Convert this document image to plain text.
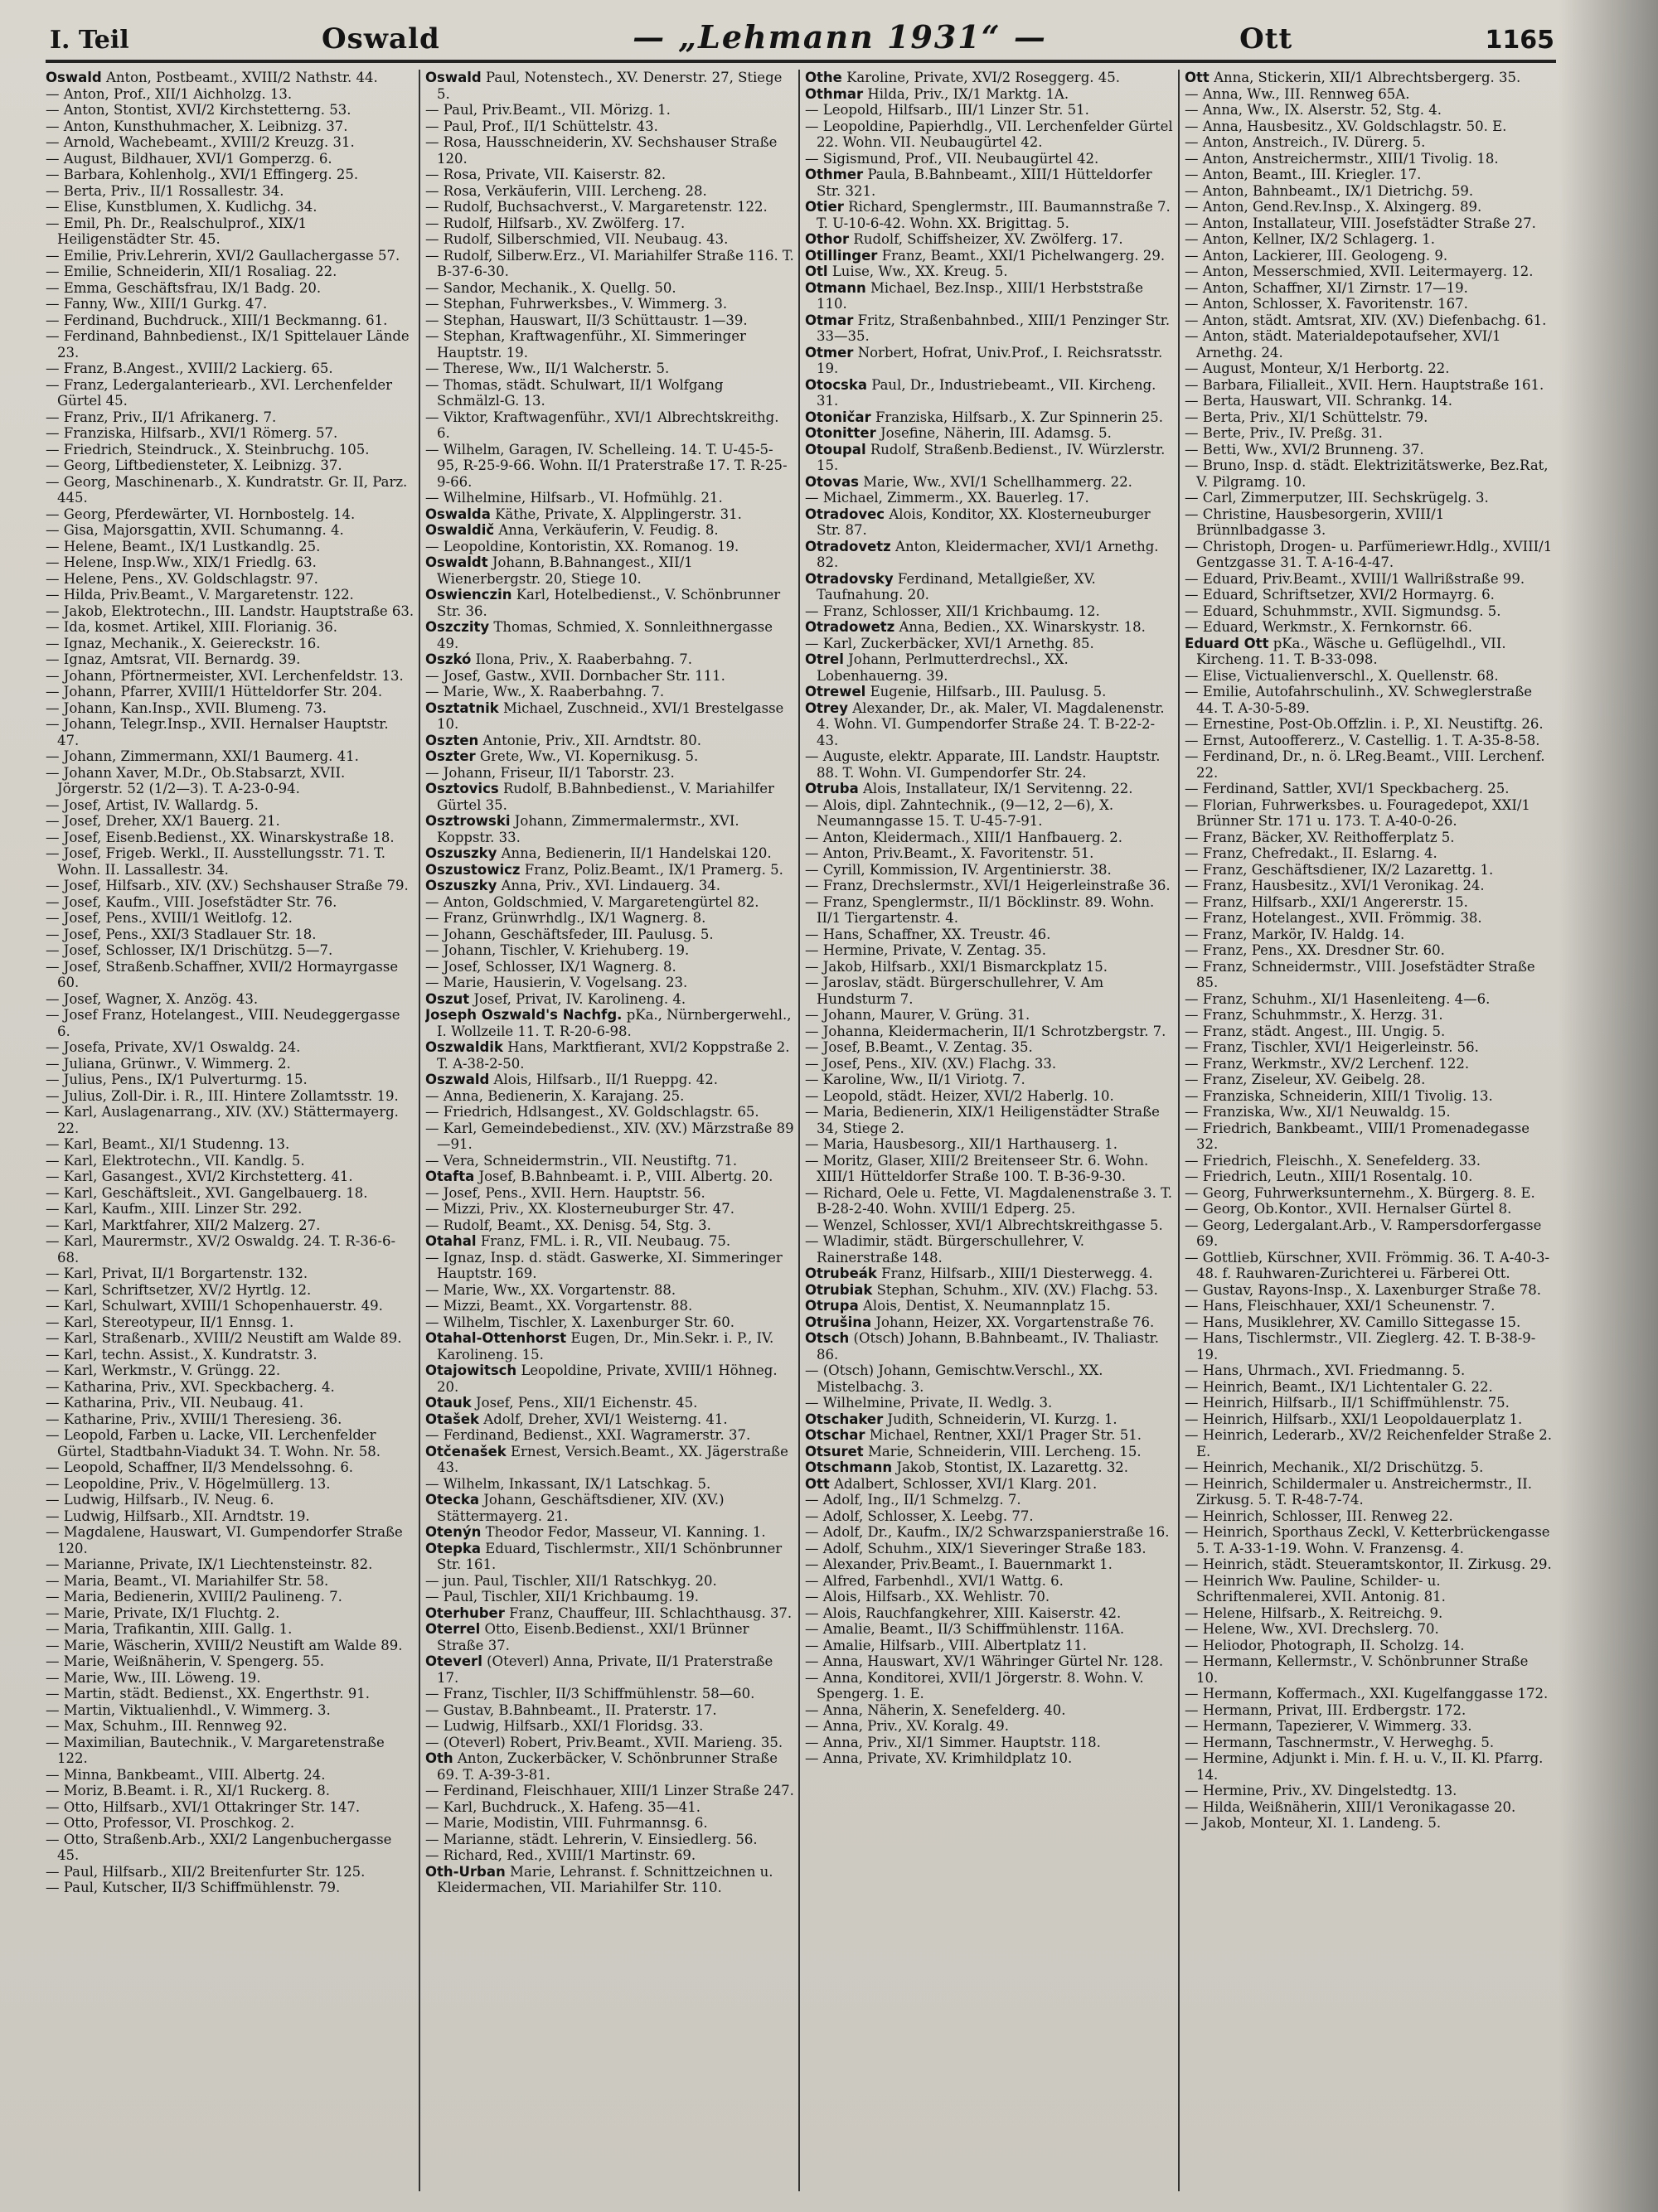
I. Teil	Oswald	— „Lehmann 1931“ —	Ott	1165

Oswald Anton, Postbeamt., XVIII/2 Nathstr. 44.

— Anton, Prof., XII/1 Aichholzg. 13.

— Anton, Stontist, XVI/2 Kirchstetterng. 53.

— Anton, Kunsthuhmacher, X. Leibnizg. 37.

— Arnold, Wachebeamt., XVIII/2 Kreuzg. 31.

— August, Bildhauer, XVI/1 Gomperzg. 6.

— Barbara, Kohlenholg., XVI/1 Effingerg. 25.

— Berta, Priv., II/1 Rossallestr. 34.

— Elise, Kunstblumen, X. Kudlichg. 34.

— Emil, Ph. Dr., Realschulprof., XIX/1 Heiligenstädter Str. 45.

— Emilie, Priv.Lehrerin, XVI/2 Gaullachergasse 57.

— Emilie, Schneiderin, XII/1 Rosaliag. 22.

— Emma, Geschäftsfrau, IX/1 Badg. 20.

— Fanny, Ww., XIII/1 Gurkg. 47.

— Ferdinand, Buchdruck., XIII/1 Beckmanng. 61.

— Ferdinand, Bahnbedienst., IX/1 Spittelauer Lände 23.

— Franz, B.Angest., XVIII/2 Lackierg. 65.

— Franz, Ledergalanteriearb., XVI. Lerchenfelder Gürtel 45.

— Franz, Priv., II/1 Afrikanerg. 7.

— Franziska, Hilfsarb., XVI/1 Römerg. 57.

— Friedrich, Steindruck., X. Steinbruchg. 105.

— Georg, Liftbediensteter, X. Leibnizg. 37.

— Georg, Maschinenarb., X. Kundratstr. Gr. II, Parz. 445.

— Georg, Pferdewärter, VI. Hornbostelg. 14.

— Gisa, Majorsgattin, XVII. Schumanng. 4.

— Helene, Beamt., IX/1 Lustkandlg. 25.

— Helene, Insp.Ww., XIX/1 Friedlg. 63.

— Helene, Pens., XV. Goldschlagstr. 97.

— Hilda, Priv.Beamt., V. Margaretenstr. 122.

— Jakob, Elektrotechn., III. Landstr. Hauptstraße 63.

— Ida, kosmet. Artikel, XIII. Florianig. 36.

— Ignaz, Mechanik., X. Geiereckstr. 16.

— Ignaz, Amtsrat, VII. Bernardg. 39.

— Johann, Pförtnermeister, XVI. Lerchenfeldstr. 13.

— Johann, Pfarrer, XVIII/1 Hütteldorfer Str. 204.

— Johann, Kan.Insp., XVII. Blumeng. 73.

— Johann, Telegr.Insp., XVII. Hernalser Hauptstr. 47.

— Johann, Zimmermann, XXI/1 Baumerg. 41.

— Johann Xaver, M.Dr., Ob.Stabsarzt, XVII. Jörgerstr. 52 (1/2—3). T. A-23-0-94.

— Josef, Artist, IV. Wallardg. 5.

— Josef, Dreher, XX/1 Bauerg. 21.

— Josef, Eisenb.Bedienst., XX. Winarskystraße 18.

— Josef, Frigeb. Werkl., II. Ausstellungsstr. 71. T. Wohn. II. Lassallestr. 34.

— Josef, Hilfsarb., XIV. (XV.) Sechshauser Straße 79.

— Josef, Kaufm., VIII. Josefstädter Str. 76.

— Josef, Pens., XVIII/1 Weitlofg. 12.

— Josef, Pens., XXI/3 Stadlauer Str. 18.

— Josef, Schlosser, IX/1 Drischützg. 5—7.

— Josef, Straßenb.Schaffner, XVII/2 Hormayrgasse 60.

— Josef, Wagner, X. Anzög. 43.

— Josef Franz, Hotelangest., VIII. Neudeggergasse 6.

— Josefa, Private, XV/1 Oswaldg. 24.

— Juliana, Grünwr., V. Wimmerg. 2.

— Julius, Pens., IX/1 Pulverturmg. 15.

— Julius, Zoll-Dir. i. R., III. Hintere Zollamtsstr. 19.

— Karl, Auslagenarrang., XIV. (XV.) Stättermayerg. 22.

— Karl, Beamt., XI/1 Studenng. 13.

— Karl, Elektrotechn., VII. Kandlg. 5.

— Karl, Gasangest., XVI/2 Kirchstetterg. 41.

— Karl, Geschäftsleit., XVI. Gangelbauerg. 18.

— Karl, Kaufm., XIII. Linzer Str. 292.

— Karl, Marktfahrer, XII/2 Malzerg. 27.

— Karl, Maurermstr., XV/2 Oswaldg. 24. T. R-36-6-68.

— Karl, Privat, II/1 Borgartenstr. 132.

— Karl, Schriftsetzer, XV/2 Hyrtlg. 12.

— Karl, Schulwart, XVIII/1 Schopenhauerstr. 49.

— Karl, Stereotypeur, II/1 Ennsg. 1.

— Karl, Straßenarb., XVIII/2 Neustift am Walde 89.

— Karl, techn. Assist., X. Kundratstr. 3.

— Karl, Werkmstr., V. Grüngg. 22.

— Katharina, Priv., XVI. Speckbacherg. 4.

— Katharina, Priv., VII. Neubaug. 41.

— Katharine, Priv., XVIII/1 Theresieng. 36.

— Leopold, Farben u. Lacke, VII. Lerchenfelder Gürtel, Stadtbahn-Viadukt 34. T. Wohn. Nr. 58.

— Leopold, Schaffner, II/3 Mendelssohng. 6.

— Leopoldine, Priv., V. Högelmüllerg. 13.

— Ludwig, Hilfsarb., IV. Neug. 6.

— Ludwig, Hilfsarb., XII. Arndtstr. 19.

— Magdalene, Hauswart, VI. Gumpendorfer Straße 120.

— Marianne, Private, IX/1 Liechtensteinstr. 82.

— Maria, Beamt., VI. Mariahilfer Str. 58.

— Maria, Bedienerin, XVIII/2 Paulineng. 7.

— Marie, Private, IX/1 Fluchtg. 2.

— Maria, Trafikantin, XIII. Gallg. 1.

— Marie, Wäscherin, XVIII/2 Neustift am Walde 89.

— Marie, Weißnäherin, V. Spengerg. 55.

— Marie, Ww., III. Löweng. 19.

— Martin, städt. Bedienst., XX. Engerthstr. 91.

— Martin, Viktualienhdl., V. Wimmerg. 3.

— Max, Schuhm., III. Rennweg 92.

— Maximilian, Bautechnik., V. Margaretenstraße 122.

— Minna, Bankbeamt., VIII. Albertg. 24.

— Moriz, B.Beamt. i. R., XI/1 Ruckerg. 8.

— Otto, Hilfsarb., XVI/1 Ottakringer Str. 147.

— Otto, Professor, VI. Proschkog. 2.

— Otto, Straßenb.Arb., XXI/2 Langenbuchergasse 45.

— Paul, Hilfsarb., XII/2 Breitenfurter Str. 125.

— Paul, Kutscher, II/3 Schiffmühlenstr. 79.

Oswald Paul, Notenstech., XV. Denerstr. 27, Stiege 5.

— Paul, Priv.Beamt., VII. Mörizg. 1.

— Paul, Prof., II/1 Schüttelstr. 43.

— Rosa, Hausschneiderin, XV. Sechshauser Straße 120.

— Rosa, Private, VII. Kaiserstr. 82.

— Rosa, Verkäuferin, VIII. Lercheng. 28.

— Rudolf, Buchsachverst., V. Margaretenstr. 122.

— Rudolf, Hilfsarb., XV. Zwölferg. 17.

— Rudolf, Silberschmied, VII. Neubaug. 43.

— Rudolf, Silberw.Erz., VI. Mariahilfer Straße 116. T. B-37-6-30.

— Sandor, Mechanik., X. Quellg. 50.

— Stephan, Fuhrwerksbes., V. Wimmerg. 3.

— Stephan, Hauswart, II/3 Schüttaustr. 1—39.

— Stephan, Kraftwagenführ., XI. Simmeringer Hauptstr. 19.

— Therese, Ww., II/1 Walcherstr. 5.

— Thomas, städt. Schulwart, II/1 Wolfgang Schmälzl-G. 13.

— Viktor, Kraftwagenführ., XVI/1 Albrechtskreithg. 6.

— Wilhelm, Garagen, IV. Schelleing. 14. T. U-45-5-95, R-25-9-66. Wohn. II/1 Praterstraße 17. T. R-25-9-66.

— Wilhelmine, Hilfsarb., VI. Hofmühlg. 21.

Oswalda Käthe, Private, X. Alpplingerstr. 31.

Oswaldič Anna, Verkäuferin, V. Feudig. 8.

— Leopoldine, Kontoristin, XX. Romanog. 19.

Oswaldt Johann, B.Bahnangest., XII/1 Wienerbergstr. 20, Stiege 10.

Oswienczin Karl, Hotelbedienst., V. Schönbrunner Str. 36.

Oszczity Thomas, Schmied, X. Sonnleithnergasse 49.

Oszkó Ilona, Priv., X. Raaberbahng. 7.

— Josef, Gastw., XVII. Dornbacher Str. 111.

— Marie, Ww., X. Raaberbahng. 7.

Osztatnik Michael, Zuschneid., XVI/1 Brestelgasse 10.

Oszten Antonie, Priv., XII. Arndtstr. 80.

Oszter Grete, Ww., VI. Kopernikusg. 5.

— Johann, Friseur, II/1 Taborstr. 23.

Osztovics Rudolf, B.Bahnbedienst., V. Mariahilfer Gürtel 35.

Osztrowski Johann, Zimmermalermstr., XVI. Koppstr. 33.

Oszuszky Anna, Bedienerin, II/1 Handelskai 120.

Oszustowicz Franz, Poliz.Beamt., IX/1 Pramerg. 5.

Oszuszky Anna, Priv., XVI. Lindauerg. 34.

— Anton, Goldschmied, V. Margaretengürtel 82.

— Franz, Grünwrhdlg., IX/1 Wagnerg. 8.

— Johann, Geschäftsfeder, III. Paulusg. 5.

— Johann, Tischler, V. Kriehuberg. 19.

— Josef, Schlosser, IX/1 Wagnerg. 8.

— Marie, Hausierin, V. Vogelsang. 23.

Oszut Josef, Privat, IV. Karolineng. 4.

Joseph Oszwald's Nachfg. pKa., Nürnbergerwehl., I. Wollzeile 11. T. R-20-6-98.

Oszwaldik Hans, Marktfierant, XVI/2 Koppstraße 2. T. A-38-2-50.

Oszwald Alois, Hilfsarb., II/1 Rueppg. 42.

— Anna, Bedienerin, X. Karajang. 25.

— Friedrich, Hdlsangest., XV. Goldschlagstr. 65.

— Karl, Gemeindebedienst., XIV. (XV.) Märzstraße 89—91.

— Vera, Schneidermstrin., VII. Neustiftg. 71.

Otafta Josef, B.Bahnbeamt. i. P., VIII. Albertg. 20.

— Josef, Pens., XVII. Hern. Hauptstr. 56.

— Mizzi, Priv., XX. Klosterneuburger Str. 47.

— Rudolf, Beamt., XX. Denisg. 54, Stg. 3.

Otahal Franz, FML. i. R., VII. Neubaug. 75.

— Ignaz, Insp. d. städt. Gaswerke, XI. Simmeringer Hauptstr. 169.

— Marie, Ww., XX. Vorgartenstr. 88.

— Mizzi, Beamt., XX. Vorgartenstr. 88.

— Wilhelm, Tischler, X. Laxenburger Str. 60.

Otahal-Ottenhorst Eugen, Dr., Min.Sekr. i. P., IV. Karolineng. 15.

Otajowitsch Leopoldine, Private, XVIII/1 Höhneg. 20.

Otauk Josef, Pens., XII/1 Eichenstr. 45.

Otašek Adolf, Dreher, XVI/1 Weisterng. 41.

— Ferdinand, Bedienst., XXI. Wagramerstr. 37.

Otčenašek Ernest, Versich.Beamt., XX. Jägerstraße 43.

— Wilhelm, Inkassant, IX/1 Latschkag. 5.

Otecka Johann, Geschäftsdiener, XIV. (XV.) Stättermayerg. 21.

Otenýn Theodor Fedor, Masseur, VI. Kanning. 1.

Otepka Eduard, Tischlermstr., XII/1 Schönbrunner Str. 161.

— jun. Paul, Tischler, XII/1 Ratschkyg. 20.

— Paul, Tischler, XII/1 Krichbaumg. 19.

Oterhuber Franz, Chauffeur, III. Schlachthausg. 37.

Oterrel Otto, Eisenb.Bedienst., XXI/1 Brünner Straße 37.

Oteverl (Oteverl) Anna, Private, II/1 Praterstraße 17.

— Franz, Tischler, II/3 Schiffmühlenstr. 58—60.

— Gustav, B.Bahnbeamt., II. Praterstr. 17.

— Ludwig, Hilfsarb., XXI/1 Floridsg. 33.

— (Oteverl) Robert, Priv.Beamt., XVII. Marieng. 35.

Oth Anton, Zuckerbäcker, V. Schönbrunner Straße 69. T. A-39-3-81.

— Ferdinand, Fleischhauer, XIII/1 Linzer Straße 247.

— Karl, Buchdruck., X. Hafeng. 35—41.

— Marie, Modistin, VIII. Fuhrmannsg. 6.

— Marianne, städt. Lehrerin, V. Einsiedlerg. 56.

— Richard, Red., XVIII/1 Martinstr. 69.

Oth-Urban Marie, Lehranst. f. Schnittzeichnen u. Kleidermachen, VII. Mariahilfer Str. 110.

Othe Karoline, Private, XVI/2 Roseggerg. 45.

Othmar Hilda, Priv., IX/1 Marktg. 1A.

— Leopold, Hilfsarb., III/1 Linzer Str. 51.

— Leopoldine, Papierhdlg., VII. Lerchenfelder Gürtel 22. Wohn. VII. Neubaugürtel 42.

— Sigismund, Prof., VII. Neubaugürtel 42.

Othmer Paula, B.Bahnbeamt., XIII/1 Hütteldorfer Str. 321.

Otier Richard, Spenglermstr., III. Baumannstraße 7. T. U-10-6-42. Wohn. XX. Brigittag. 5.

Othor Rudolf, Schiffsheizer, XV. Zwölferg. 17.

Otillinger Franz, Beamt., XXI/1 Pichelwangerg. 29.

Otl Luise, Ww., XX. Kreug. 5.

Otmann Michael, Bez.Insp., XIII/1 Herbststraße 110.

Otmar Fritz, Straßenbahnbed., XIII/1 Penzinger Str. 33—35.

Otmer Norbert, Hofrat, Univ.Prof., I. Reichsratsstr. 19.

Otocska Paul, Dr., Industriebeamt., VII. Kircheng. 31.

Otoničar Franziska, Hilfsarb., X. Zur Spinnerin 25.

Otonitter Josefine, Näherin, III. Adamsg. 5.

Otoupal Rudolf, Straßenb.Bedienst., IV. Würzlerstr. 15.

Otovas Marie, Ww., XVI/1 Schellhammerg. 22.

— Michael, Zimmerm., XX. Bauerleg. 17.

Otradovec Alois, Konditor, XX. Klosterneuburger Str. 87.

Otradovetz Anton, Kleidermacher, XVI/1 Arnethg. 82.

Otradovsky Ferdinand, Metallgießer, XV. Taufnahung. 20.

— Franz, Schlosser, XII/1 Krichbaumg. 12.

Otradowetz Anna, Bedien., XX. Winarskystr. 18.

— Karl, Zuckerbäcker, XVI/1 Arnethg. 85.

Otrel Johann, Perlmutterdrechsl., XX. Lobenhauerng. 39.

Otrewel Eugenie, Hilfsarb., III. Paulusg. 5.

Otrey Alexander, Dr., ak. Maler, VI. Magdalenenstr. 4. Wohn. VI. Gumpendorfer Straße 24. T. B-22-2-43.

— Auguste, elektr. Apparate, III. Landstr. Hauptstr. 88. T. Wohn. VI. Gumpendorfer Str. 24.

Otruba Alois, Installateur, IX/1 Servitenng. 22.

— Alois, dipl. Zahntechnik., (9—12, 2—6), X. Neumanngasse 15. T. U-45-7-91.

— Anton, Kleidermach., XIII/1 Hanfbauerg. 2.

— Anton, Priv.Beamt., X. Favoritenstr. 51.

— Cyrill, Kommission, IV. Argentinierstr. 38.

— Franz, Drechslermstr., XVI/1 Heigerleinstraße 36.

— Franz, Spenglermstr., II/1 Böcklinstr. 89. Wohn. II/1 Tiergartenstr. 4.

— Hans, Schaffner, XX. Treustr. 46.

— Hermine, Private, V. Zentag. 35.

— Jakob, Hilfsarb., XXI/1 Bismarckplatz 15.

— Jaroslav, städt. Bürgerschullehrer, V. Am Hundsturm 7.

— Johann, Maurer, V. Grüng. 31.

— Johanna, Kleidermacherin, II/1 Schrotzbergstr. 7.

— Josef, B.Beamt., V. Zentag. 35.

— Josef, Pens., XIV. (XV.) Flachg. 33.

— Karoline, Ww., II/1 Viriotg. 7.

— Leopold, städt. Heizer, XVI/2 Haberlg. 10.

— Maria, Bedienerin, XIX/1 Heiligenstädter Straße 34, Stiege 2.

— Maria, Hausbesorg., XII/1 Harthauserg. 1.

— Moritz, Glaser, XIII/2 Breitenseer Str. 6. Wohn. XIII/1 Hütteldorfer Straße 100. T. B-36-9-30.

— Richard, Oele u. Fette, VI. Magdalenenstraße 3. T. B-28-2-40. Wohn. XVIII/1 Edperg. 25.

— Wenzel, Schlosser, XVI/1 Albrechtskreithgasse 5.

— Wladimir, städt. Bürgerschullehrer, V. Rainerstraße 148.

Otrubeák Franz, Hilfsarb., XIII/1 Diesterwegg. 4.

Otrubiak Stephan, Schuhm., XIV. (XV.) Flachg. 53.

Otrupa Alois, Dentist, X. Neumannplatz 15.

Otrušina Johann, Heizer, XX. Vorgartenstraße 76.

Otsch (Otsch) Johann, B.Bahnbeamt., IV. Thaliastr. 86.

— (Otsch) Johann, Gemischtw.Verschl., XX. Mistelbachg. 3.

— Wilhelmine, Private, II. Wedlg. 3.

Otschaker Judith, Schneiderin, VI. Kurzg. 1.

Otschar Michael, Rentner, XXI/1 Prager Str. 51.

Otsuret Marie, Schneiderin, VIII. Lercheng. 15.

Otschmann Jakob, Stontist, IX. Lazarettg. 32.

Ott Adalbert, Schlosser, XVI/1 Klarg. 201.

— Adolf, Ing., II/1 Schmelzg. 7.

— Adolf, Schlosser, X. Leebg. 77.

— Adolf, Dr., Kaufm., IX/2 Schwarzspanierstraße 16.

— Adolf, Schuhm., XIX/1 Sieveringer Straße 183.

— Alexander, Priv.Beamt., I. Bauernmarkt 1.

— Alfred, Farbenhdl., XVI/1 Wattg. 6.

— Alois, Hilfsarb., XX. Wehlistr. 70.

— Alois, Rauchfangkehrer, XIII. Kaiserstr. 42.

— Amalie, Beamt., II/3 Schiffmühlenstr. 116A.

— Amalie, Hilfsarb., VIII. Albertplatz 11.

— Anna, Hauswart, XV/1 Währinger Gürtel Nr. 128.

— Anna, Konditorei, XVII/1 Jörgerstr. 8. Wohn. V. Spengerg. 1. E.

— Anna, Näherin, X. Senefelderg. 40.

— Anna, Priv., XV. Koralg. 49.

— Anna, Priv., XI/1 Simmer. Hauptstr. 118.

— Anna, Private, XV. Krimhildplatz 10.

Ott Anna, Stickerin, XII/1 Albrechtsbergerg. 35.

— Anna, Ww., III. Rennweg 65A.

— Anna, Ww., IX. Alserstr. 52, Stg. 4.

— Anna, Hausbesitz., XV. Goldschlagstr. 50. E.

— Anton, Anstreich., IV. Dürerg. 5.

— Anton, Anstreichermstr., XIII/1 Tivolig. 18.

— Anton, Beamt., III. Kriegler. 17.

— Anton, Bahnbeamt., IX/1 Dietrichg. 59.

— Anton, Gend.Rev.Insp., X. Alxingerg. 89.

— Anton, Installateur, VIII. Josefstädter Straße 27.

— Anton, Kellner, IX/2 Schlagerg. 1.

— Anton, Lackierer, III. Geologeng. 9.

— Anton, Messerschmied, XVII. Leitermayerg. 12.

— Anton, Schaffner, XI/1 Zirnstr. 17—19.

— Anton, Schlosser, X. Favoritenstr. 167.

— Anton, städt. Amtsrat, XIV. (XV.) Diefenbachg. 61.

— Anton, städt. Materialdepotaufseher, XVI/1 Arnethg. 24.

— August, Monteur, X/1 Herbortg. 22.

— Barbara, Filialleit., XVII. Hern. Hauptstraße 161.

— Berta, Hauswart, VII. Schrankg. 14.

— Berta, Priv., XI/1 Schüttelstr. 79.

— Berte, Priv., IV. Preßg. 31.

— Betti, Ww., XVI/2 Brunneng. 37.

— Bruno, Insp. d. städt. Elektrizitätswerke, Bez.Rat, V. Pilgramg. 10.

— Carl, Zimmerputzer, III. Sechskrügelg. 3.

— Christine, Hausbesorgerin, XVIII/1 Brünnlbadgasse 3.

— Christoph, Drogen- u. Parfümeriewr.Hdlg., XVIII/1 Gentzgasse 31. T. A-16-4-47.

— Eduard, Priv.Beamt., XVIII/1 Wallrißstraße 99.

— Eduard, Schriftsetzer, XVI/2 Hormayrg. 6.

— Eduard, Schuhmmstr., XVII. Sigmundsg. 5.

— Eduard, Werkmstr., X. Fernkornstr. 66.

Eduard Ott pKa., Wäsche u. Geflügelhdl., VII. Kircheng. 11. T. B-33-098.

— Elise, Victualienverschl., X. Quellenstr. 68.

— Emilie, Autofahrschulinh., XV. Schweglerstraße 44. T. A-30-5-89.

— Ernestine, Post-Ob.Offzlin. i. P., XI. Neustiftg. 26.

— Ernst, Autooffererz., V. Castellig. 1. T. A-35-8-58.

— Ferdinand, Dr., n. ö. LReg.Beamt., VIII. Lerchenf. 22.

— Ferdinand, Sattler, XVI/1 Speckbacherg. 25.

— Florian, Fuhrwerksbes. u. Fouragedepot, XXI/1 Brünner Str. 171 u. 173. T. A-40-0-26.

— Franz, Bäcker, XV. Reithofferplatz 5.

— Franz, Chefredakt., II. Eslarng. 4.

— Franz, Geschäftsdiener, IX/2 Lazarettg. 1.

— Franz, Hausbesitz., XVI/1 Veronikag. 24.

— Franz, Hilfsarb., XXI/1 Angererstr. 15.

— Franz, Hotelangest., XVII. Frömmig. 38.

— Franz, Markör, IV. Haldg. 14.

— Franz, Pens., XX. Dresdner Str. 60.

— Franz, Schneidermstr., VIII. Josefstädter Straße 85.

— Franz, Schuhm., XI/1 Hasenleiteng. 4—6.

— Franz, Schuhmmstr., X. Herzg. 31.

— Franz, städt. Angest., III. Ungig. 5.

— Franz, Tischler, XVI/1 Heigerleinstr. 56.

— Franz, Werkmstr., XV/2 Lerchenf. 122.

— Franz, Ziseleur, XV. Geibelg. 28.

— Franziska, Schneiderin, XIII/1 Tivolig. 13.

— Franziska, Ww., XI/1 Neuwaldg. 15.

— Friedrich, Bankbeamt., VIII/1 Promenadegasse 32.

— Friedrich, Fleischh., X. Senefelderg. 33.

— Friedrich, Leutn., XIII/1 Rosentalg. 10.

— Georg, Fuhrwerksunternehm., X. Bürgerg. 8. E.

— Georg, Ob.Kontor., XVII. Hernalser Gürtel 8.

— Georg, Ledergalant.Arb., V. Rampersdorfergasse 69.

— Gottlieb, Kürschner, XVII. Frömmig. 36. T. A-40-3-48. f. Rauhwaren-Zurichterei u. Färberei Ott.

— Gustav, Rayons-Insp., X. Laxenburger Straße 78.

— Hans, Fleischhauer, XXI/1 Scheunenstr. 7.

— Hans, Musiklehrer, XV. Camillo Sittegasse 15.

— Hans, Tischlermstr., VII. Zieglerg. 42. T. B-38-9-19.

— Hans, Uhrmach., XVI. Friedmanng. 5.

— Heinrich, Beamt., IX/1 Lichtentaler G. 22.

— Heinrich, Hilfsarb., II/1 Schiffmühlenstr. 75.

— Heinrich, Hilfsarb., XXI/1 Leopoldauerplatz 1.

— Heinrich, Lederarb., XV/2 Reichenfelder Straße 2. E.

— Heinrich, Mechanik., XI/2 Drischützg. 5.

— Heinrich, Schildermaler u. Anstreichermstr., II. Zirkusg. 5. T. R-48-7-74.

— Heinrich, Schlosser, III. Renweg 22.

— Heinrich, Sporthaus Zeckl, V. Ketterbrückengasse 5. T. A-33-1-19. Wohn. V. Franzensg. 4.

— Heinrich, städt. Steueramtskontor, II. Zirkusg. 29.

— Heinrich Ww. Pauline, Schilder- u. Schriftenmalerei, XVII. Antonig. 81.

— Helene, Hilfsarb., X. Reitreichg. 9.

— Helene, Ww., XVI. Drechslerg. 70.

— Heliodor, Photograph, II. Scholzg. 14.

— Hermann, Kellermstr., V. Schönbrunner Straße 10.

— Hermann, Koffermach., XXI. Kugelfanggasse 172.

— Hermann, Privat, III. Erdbergstr. 172.

— Hermann, Tapezierer, V. Wimmerg. 33.

— Hermann, Taschnermstr., V. Herweghg. 5.

— Hermine, Adjunkt i. Min. f. H. u. V., II. Kl. Pfarrg. 14.

— Hermine, Priv., XV. Dingelstedtg. 13.

— Hilda, Weißnäherin, XIII/1 Veronikagasse 20.

— Jakob, Monteur, XI. 1. Landeng. 5.
